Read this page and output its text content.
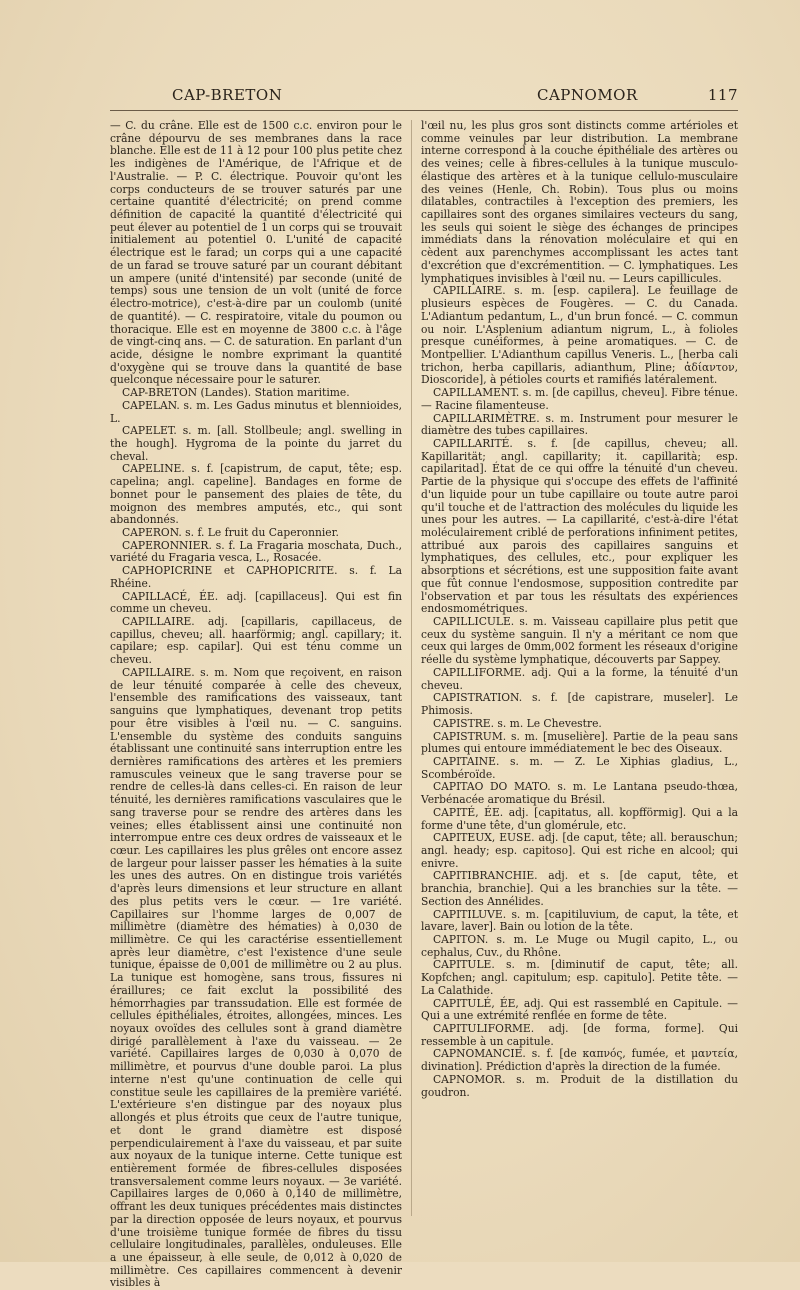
CAP-BRETON	CAPNOMOR	117

— C. du crâne. Elle est de 1500 c.c. environ pour le crâne dépourvu de ses membranes dans la race blanche. Elle est de 11 à 12 pour 100 plus petite chez les indigènes de l'Amérique, de l'Afrique et de l'Australie. — P. C. électrique. Pouvoir qu'ont les corps conducteurs de se trouver saturés par une certaine quantité d'électricité; on prend comme définition de capacité la quantité d'électricité qui peut élever au potentiel de 1 un corps qui se trouvait initialement au potentiel 0. L'unité de capacité électrique est le farad; un corps qui a une capacité de un farad se trouve saturé par un courant débitant un ampere (unité d'intensité) par seconde (unité de temps) sous une tension de un volt (unité de force électro-motrice), c'est-à-dire par un coulomb (unité de quantité). — C. respiratoire, vitale du poumon ou thoracique. Elle est en moyenne de 3800 c.c. à l'âge de vingt-cinq ans. — C. de saturation. En parlant d'un acide, désigne le nombre exprimant la quantité d'oxygène qui se trouve dans la quantité de base quelconque nécessaire pour le saturer.

CAP-BRETON (Landes). Station maritime.

CAPELAN. s. m. Les Gadus minutus et blennioides, L.

CAPELET. s. m. [all. Stollbeule; angl. swelling in the hough]. Hygroma de la pointe du jarret du cheval.

CAPELINE. s. f. [capistrum, de caput, tête; esp. capelina; angl. capeline]. Bandages en forme de bonnet pour le pansement des plaies de tête, du moignon des membres amputés, etc., qui sont abandonnés.

CAPERON. s. f. Le fruit du Caperonnier.

CAPERONNIER. s. f. La Fragaria moschata, Duch., variété du Fragaria vesca, L., Rosacée.

CAPHOPICRINE et CAPHOPICRITE. s. f. La Rhéine.

CAPILLACÉ, ÉE. adj. [capillaceus]. Qui est fin comme un cheveu.

CAPILLAIRE. adj. [capillaris, capillaceus, de capillus, cheveu; all. haarförmig; angl. capillary; it. capilare; esp. capilar]. Qui est ténu comme un cheveu.

CAPILLAIRE. s. m. Nom que reçoivent, en raison de leur ténuité comparée à celle des cheveux, l'ensemble des ramifications des vaisseaux, tant sanguins que lymphatiques, devenant trop petits pour être visibles à l'œil nu. — C. sanguins. L'ensemble du système des conduits sanguins établissant une continuité sans interruption entre les dernières ramifications des artères et les premiers ramuscules veineux que le sang traverse pour se rendre de celles-là dans celles-ci. En raison de leur ténuité, les dernières ramifications vasculaires que le sang traverse pour se rendre des artères dans les veines; elles établissent ainsi une continuité non interrompue entre ces deux ordres de vaisseaux et le cœur. Les capillaires les plus grêles ont encore assez de largeur pour laisser passer les hématies à la suite les unes des autres. On en distingue trois variétés d'après leurs dimensions et leur structure en allant des plus petits vers le cœur. — 1re variété. Capillaires sur l'homme larges de 0,007 de millimètre (diamètre des hématies) à 0,030 de millimètre. Ce qui les caractérise essentiellement après leur diamètre, c'est l'existence d'une seule tunique, épaisse de 0,001 de millimètre ou 2 au plus. La tunique est homogène, sans trous, fissures ni éraillures; ce fait exclut la possibilité des hémorrhagies par transsudation. Elle est formée de cellules épithéliales, étroites, allongées, minces. Les noyaux ovoïdes des cellules sont à grand diamètre dirigé parallèlement à l'axe du vaisseau. — 2e variété. Capillaires larges de 0,030 à 0,070 de millimètre, et pourvus d'une double paroi. La plus interne n'est qu'une continuation de celle qui constitue seule les capillaires de la première variété. L'extérieure s'en distingue par des noyaux plus allongés et plus étroits que ceux de l'autre tunique, et dont le grand diamètre est disposé perpendiculairement à l'axe du vaisseau, et par suite aux noyaux de la tunique interne. Cette tunique est entièrement formée de fibres-cellules disposées transversalement comme leurs noyaux. — 3e variété. Capillaires larges de 0,060 à 0,140 de millimètre, offrant les deux tuniques précédentes mais distinctes par la direction opposée de leurs noyaux, et pourvus d'une troisième tunique formée de fibres du tissu cellulaire longitudinales, parallèles, onduleuses. Elle a une épaisseur, à elle seule, de 0,012 à 0,020 de millimètre. Ces capillaires commencent à devenir visibles à

l'œil nu, les plus gros sont distincts comme artérioles et comme veinules par leur distribution. La membrane interne correspond à la couche épithéliale des artères ou des veines; celle à fibres-cellules à la tunique musculo-élastique des artères et à la tunique cellulo-musculaire des veines (Henle, Ch. Robin). Tous plus ou moins dilatables, contractiles à l'exception des premiers, les capillaires sont des organes similaires vecteurs du sang, les seuls qui soient le siège des échanges de principes immédiats dans la rénovation moléculaire et qui en cèdent aux parenchymes accomplissant les actes tant d'excrétion que d'excrémentition. — C. lymphatiques. Les lymphatiques invisibles à l'œil nu. — Leurs capillicules.

CAPILLAIRE. s. m. [esp. capilera]. Le feuillage de plusieurs espèces de Fougères. — C. du Canada. L'Adiantum pedantum, L., d'un brun foncé. — C. commun ou noir. L'Asplenium adiantum nigrum, L., à folioles presque cunéiformes, à peine aromatiques. — C. de Montpellier. L'Adianthum capillus Veneris. L., [herba cali trichon, herba capillaris, adianthum, Pline; ἀδίαντον, Dioscoride], à pétioles courts et ramifiés latéralement.

CAPILLAMENT. s. m. [de capillus, cheveu]. Fibre ténue. — Racine filamenteuse.

CAPILLARIMÈTRE. s. m. Instrument pour mesurer le diamètre des tubes capillaires.

CAPILLARITÉ. s. f. [de capillus, cheveu; all. Kapillarität; angl. capillarity; it. capillarità; esp. capilaritad]. État de ce qui offre la ténuité d'un cheveu. Partie de la physique qui s'occupe des effets de l'affinité d'un liquide pour un tube capillaire ou toute autre paroi qu'il touche et de l'attraction des molécules du liquide les unes pour les autres. — La capillarité, c'est-à-dire l'état moléculairement criblé de perforations infiniment petites, attribué aux parois des capillaires sanguins et lymphatiques, des cellules, etc., pour expliquer les absorptions et sécrétions, est une supposition faite avant que fût connue l'endosmose, supposition contredite par l'observation et par tous les résultats des expériences endosmométriques.

CAPILLICULE. s. m. Vaisseau capillaire plus petit que ceux du système sanguin. Il n'y a méritant ce nom que ceux qui larges de 0mm,002 forment les réseaux d'origine réelle du système lymphatique, découverts par Sappey.

CAPILLIFORME. adj. Qui a la forme, la ténuité d'un cheveu.

CAPISTRATION. s. f. [de capistrare, museler]. Le Phimosis.

CAPISTRE. s. m. Le Chevestre.

CAPISTRUM. s. m. [muselière]. Partie de la peau sans plumes qui entoure immédiatement le bec des Oiseaux.

CAPITAINE. s. m. — Z. Le Xiphias gladius, L., Scombéroïde.

CAPITAO DO MATO. s. m. Le Lantana pseudo-thœa, Verbénacée aromatique du Brésil.

CAPITÉ, ÉE. adj. [capitatus, all. kopfförmig]. Qui a la forme d'une tête, d'un glomérule, etc.

CAPITEUX, EUSE. adj. [de caput, tête; all. berauschun; angl. heady; esp. capitoso]. Qui est riche en alcool; qui enivre.

CAPITIBRANCHIE. adj. et s. [de caput, tête, et branchia, branchie]. Qui a les branchies sur la tête. — Section des Annélides.

CAPITILUVE. s. m. [capitiluvium, de caput, la tête, et lavare, laver]. Bain ou lotion de la tête.

CAPITON. s. m. Le Muge ou Mugil capito, L., ou cephalus, Cuv., du Rhône.

CAPITULE. s. m. [diminutif de caput, tête; all. Kopfchen; angl. capitulum; esp. capitulo]. Petite tête. — La Calathide.

CAPITULÉ, ÉE, adj. Qui est rassemblé en Capitule. — Qui a une extrémité renflée en forme de tête.

CAPITULIFORME. adj. [de forma, forme]. Qui ressemble à un capitule.

CAPNOMANCIE. s. f. [de καπνός, fumée, et μαντεία, divination]. Prédiction d'après la direction de la fumée.

CAPNOMOR. s. m. Produit de la distillation du goudron.
